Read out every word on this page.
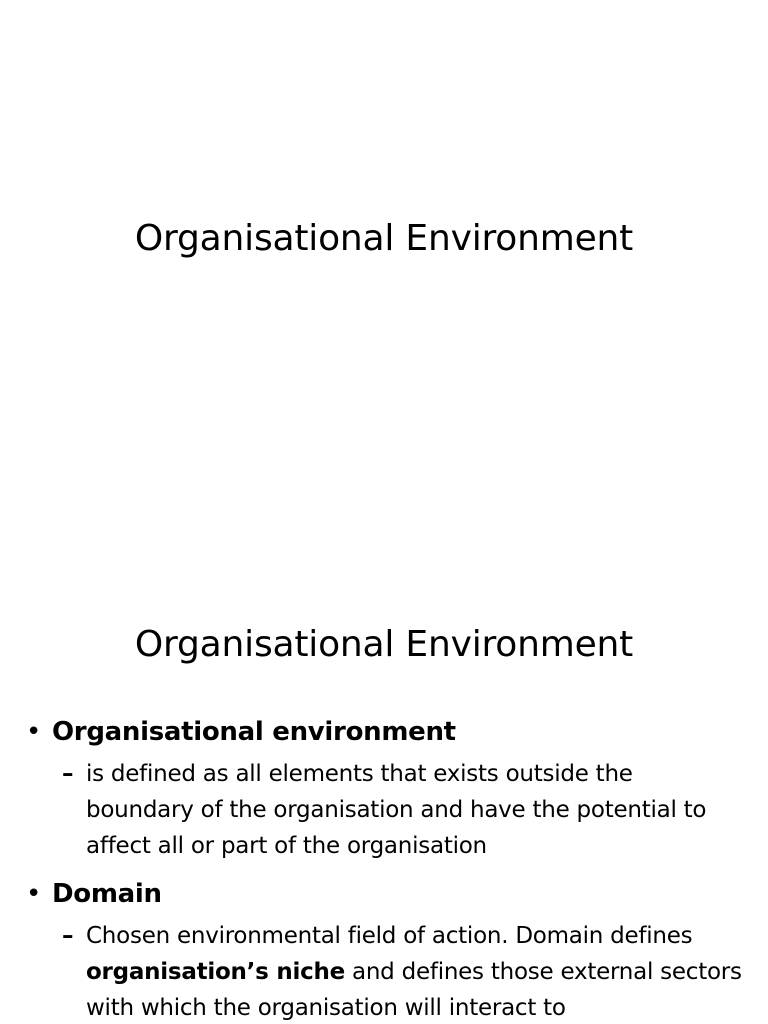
Organisational Environment
Organisational Environment
• Organisational environment
– is defined as all elements that exists outside the boundary of the organisation and have the potential to affect all or part of the organisation
• Domain
– Chosen environmental field of action. Domain defines organisation’s niche and defines those external sectors with which the organisation will interact to
